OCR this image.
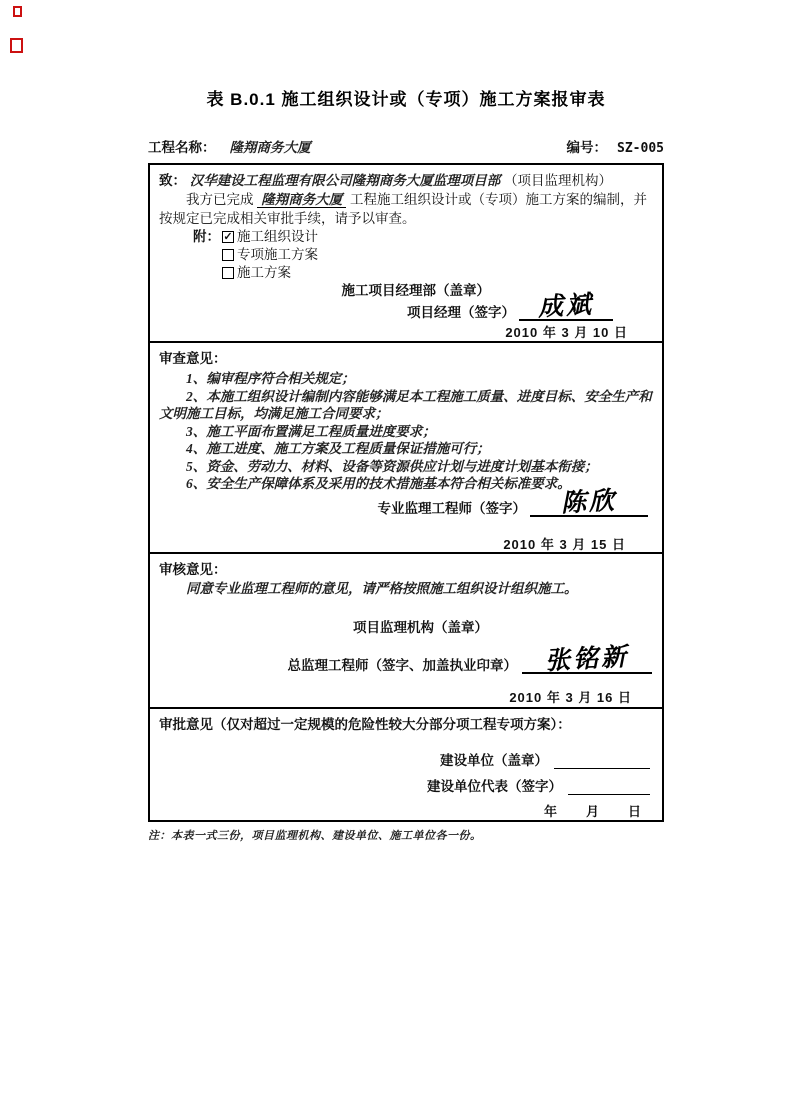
表 B.0.1 施工组织设计或（专项）施工方案报审表
工程名称： 隆翔商务大厦	编号： SZ-005
致： 汉华建设工程监理有限公司隆翔商务大厦监理项目部 （项目监理机构）
我方已完成 隆翔商务大厦 工程施工组织设计或（专项）施工方案的编制，并按规定已完成相关审批手续，请予以审查。
附： ✓ 施工组织设计
专项施工方案
施工方案
施工项目经理部（盖章）
项目经理（签字） 成斌
2010 年 3 月 10 日
审查意见：

1、编审程序符合相关规定；

2、本施工组织设计编制内容能够满足本工程施工质量、进度目标、安全生产和文明施工目标，均满足施工合同要求；

3、施工平面布置满足工程质量进度要求；

4、施工进度、施工方案及工程质量保证措施可行；

5、资金、劳动力、材料、设备等资源供应计划与进度计划基本衔接；

6、安全生产保障体系及采用的技术措施基本符合相关标准要求。

专业监理工程师（签字）	陈欣
2010 年 3 月 15 日
审核意见：

同意专业监理工程师的意见，请严格按照施工组织设计组织施工。

项目监理机构（盖章）
总监理工程师（签字、加盖执业印章）	张铭新
2010 年 3 月 16 日
审批意见（仅对超过一定规模的危险性较大分部分项工程专项方案）：
建设单位（盖章）
建设单位代表（签字）
年　　月　　日
注：本表一式三份，项目监理机构、建设单位、施工单位各一份。
